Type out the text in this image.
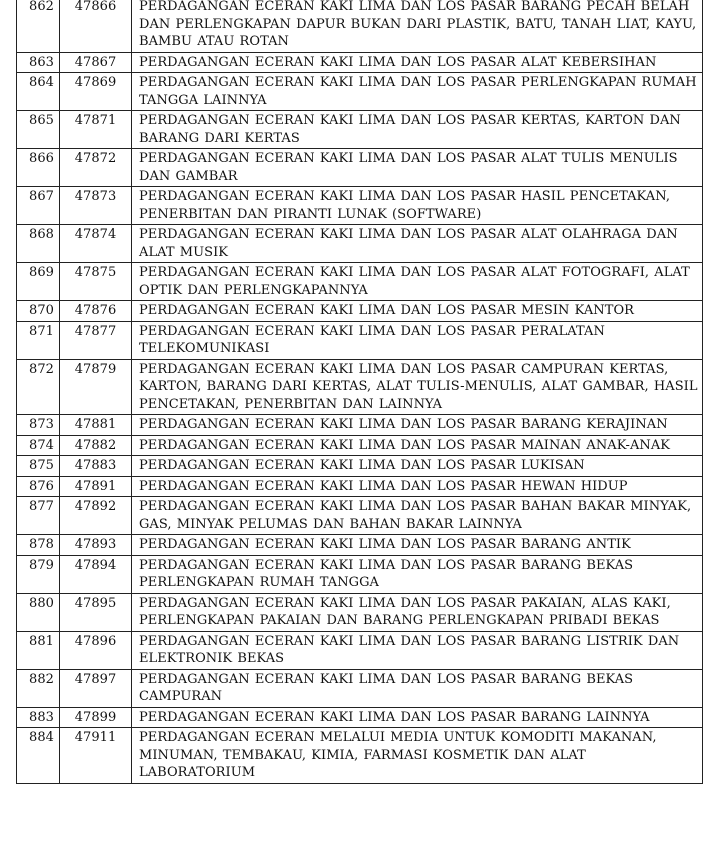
862	47866	PERDAGANGAN ECERAN KAKI LIMA DAN LOS PASAR BARANG PECAH BELAH DAN PERLENGKAPAN DAPUR BUKAN DARI PLASTIK, BATU, TANAH LIAT, KAYU, BAMBU ATAU ROTAN
863	47867	PERDAGANGAN ECERAN KAKI LIMA DAN LOS PASAR ALAT KEBERSIHAN
864	47869	PERDAGANGAN ECERAN KAKI LIMA DAN LOS PASAR PERLENGKAPAN RUMAH TANGGA LAINNYA
865	47871	PERDAGANGAN ECERAN KAKI LIMA DAN LOS PASAR KERTAS, KARTON DAN BARANG DARI KERTAS
866	47872	PERDAGANGAN ECERAN KAKI LIMA DAN LOS PASAR ALAT TULIS MENULIS DAN GAMBAR
867	47873	PERDAGANGAN ECERAN KAKI LIMA DAN LOS PASAR HASIL PENCETAKAN, PENERBITAN DAN PIRANTI LUNAK (SOFTWARE)
868	47874	PERDAGANGAN ECERAN KAKI LIMA DAN LOS PASAR ALAT OLAHRAGA DAN ALAT MUSIK
869	47875	PERDAGANGAN ECERAN KAKI LIMA DAN LOS PASAR ALAT FOTOGRAFI, ALAT OPTIK DAN PERLENGKAPANNYA
870	47876	PERDAGANGAN ECERAN KAKI LIMA DAN LOS PASAR MESIN KANTOR
871	47877	PERDAGANGAN ECERAN KAKI LIMA DAN LOS PASAR PERALATAN TELEKOMUNIKASI
872	47879	PERDAGANGAN ECERAN KAKI LIMA DAN LOS PASAR CAMPURAN KERTAS, KARTON, BARANG DARI KERTAS, ALAT TULIS-MENULIS, ALAT GAMBAR, HASIL PENCETAKAN, PENERBITAN DAN LAINNYA
873	47881	PERDAGANGAN ECERAN KAKI LIMA DAN LOS PASAR BARANG KERAJINAN
874	47882	PERDAGANGAN ECERAN KAKI LIMA DAN LOS PASAR MAINAN ANAK-ANAK
875	47883	PERDAGANGAN ECERAN KAKI LIMA DAN LOS PASAR LUKISAN
876	47891	PERDAGANGAN ECERAN KAKI LIMA DAN LOS PASAR HEWAN HIDUP
877	47892	PERDAGANGAN ECERAN KAKI LIMA DAN LOS PASAR BAHAN BAKAR MINYAK, GAS, MINYAK PELUMAS DAN BAHAN BAKAR LAINNYA
878	47893	PERDAGANGAN ECERAN KAKI LIMA DAN LOS PASAR BARANG ANTIK
879	47894	PERDAGANGAN ECERAN KAKI LIMA DAN LOS PASAR BARANG BEKAS PERLENGKAPAN RUMAH TANGGA
880	47895	PERDAGANGAN ECERAN KAKI LIMA DAN LOS PASAR PAKAIAN, ALAS KAKI, PERLENGKAPAN PAKAIAN DAN BARANG PERLENGKAPAN PRIBADI BEKAS
881	47896	PERDAGANGAN ECERAN KAKI LIMA DAN LOS PASAR BARANG LISTRIK DAN ELEKTRONIK BEKAS
882	47897	PERDAGANGAN ECERAN KAKI LIMA DAN LOS PASAR BARANG BEKAS CAMPURAN
883	47899	PERDAGANGAN ECERAN KAKI LIMA DAN LOS PASAR BARANG LAINNYA
884	47911	PERDAGANGAN ECERAN MELALUI MEDIA UNTUK KOMODITI MAKANAN, MINUMAN, TEMBAKAU, KIMIA, FARMASI KOSMETIK DAN ALAT LABORATORIUM
